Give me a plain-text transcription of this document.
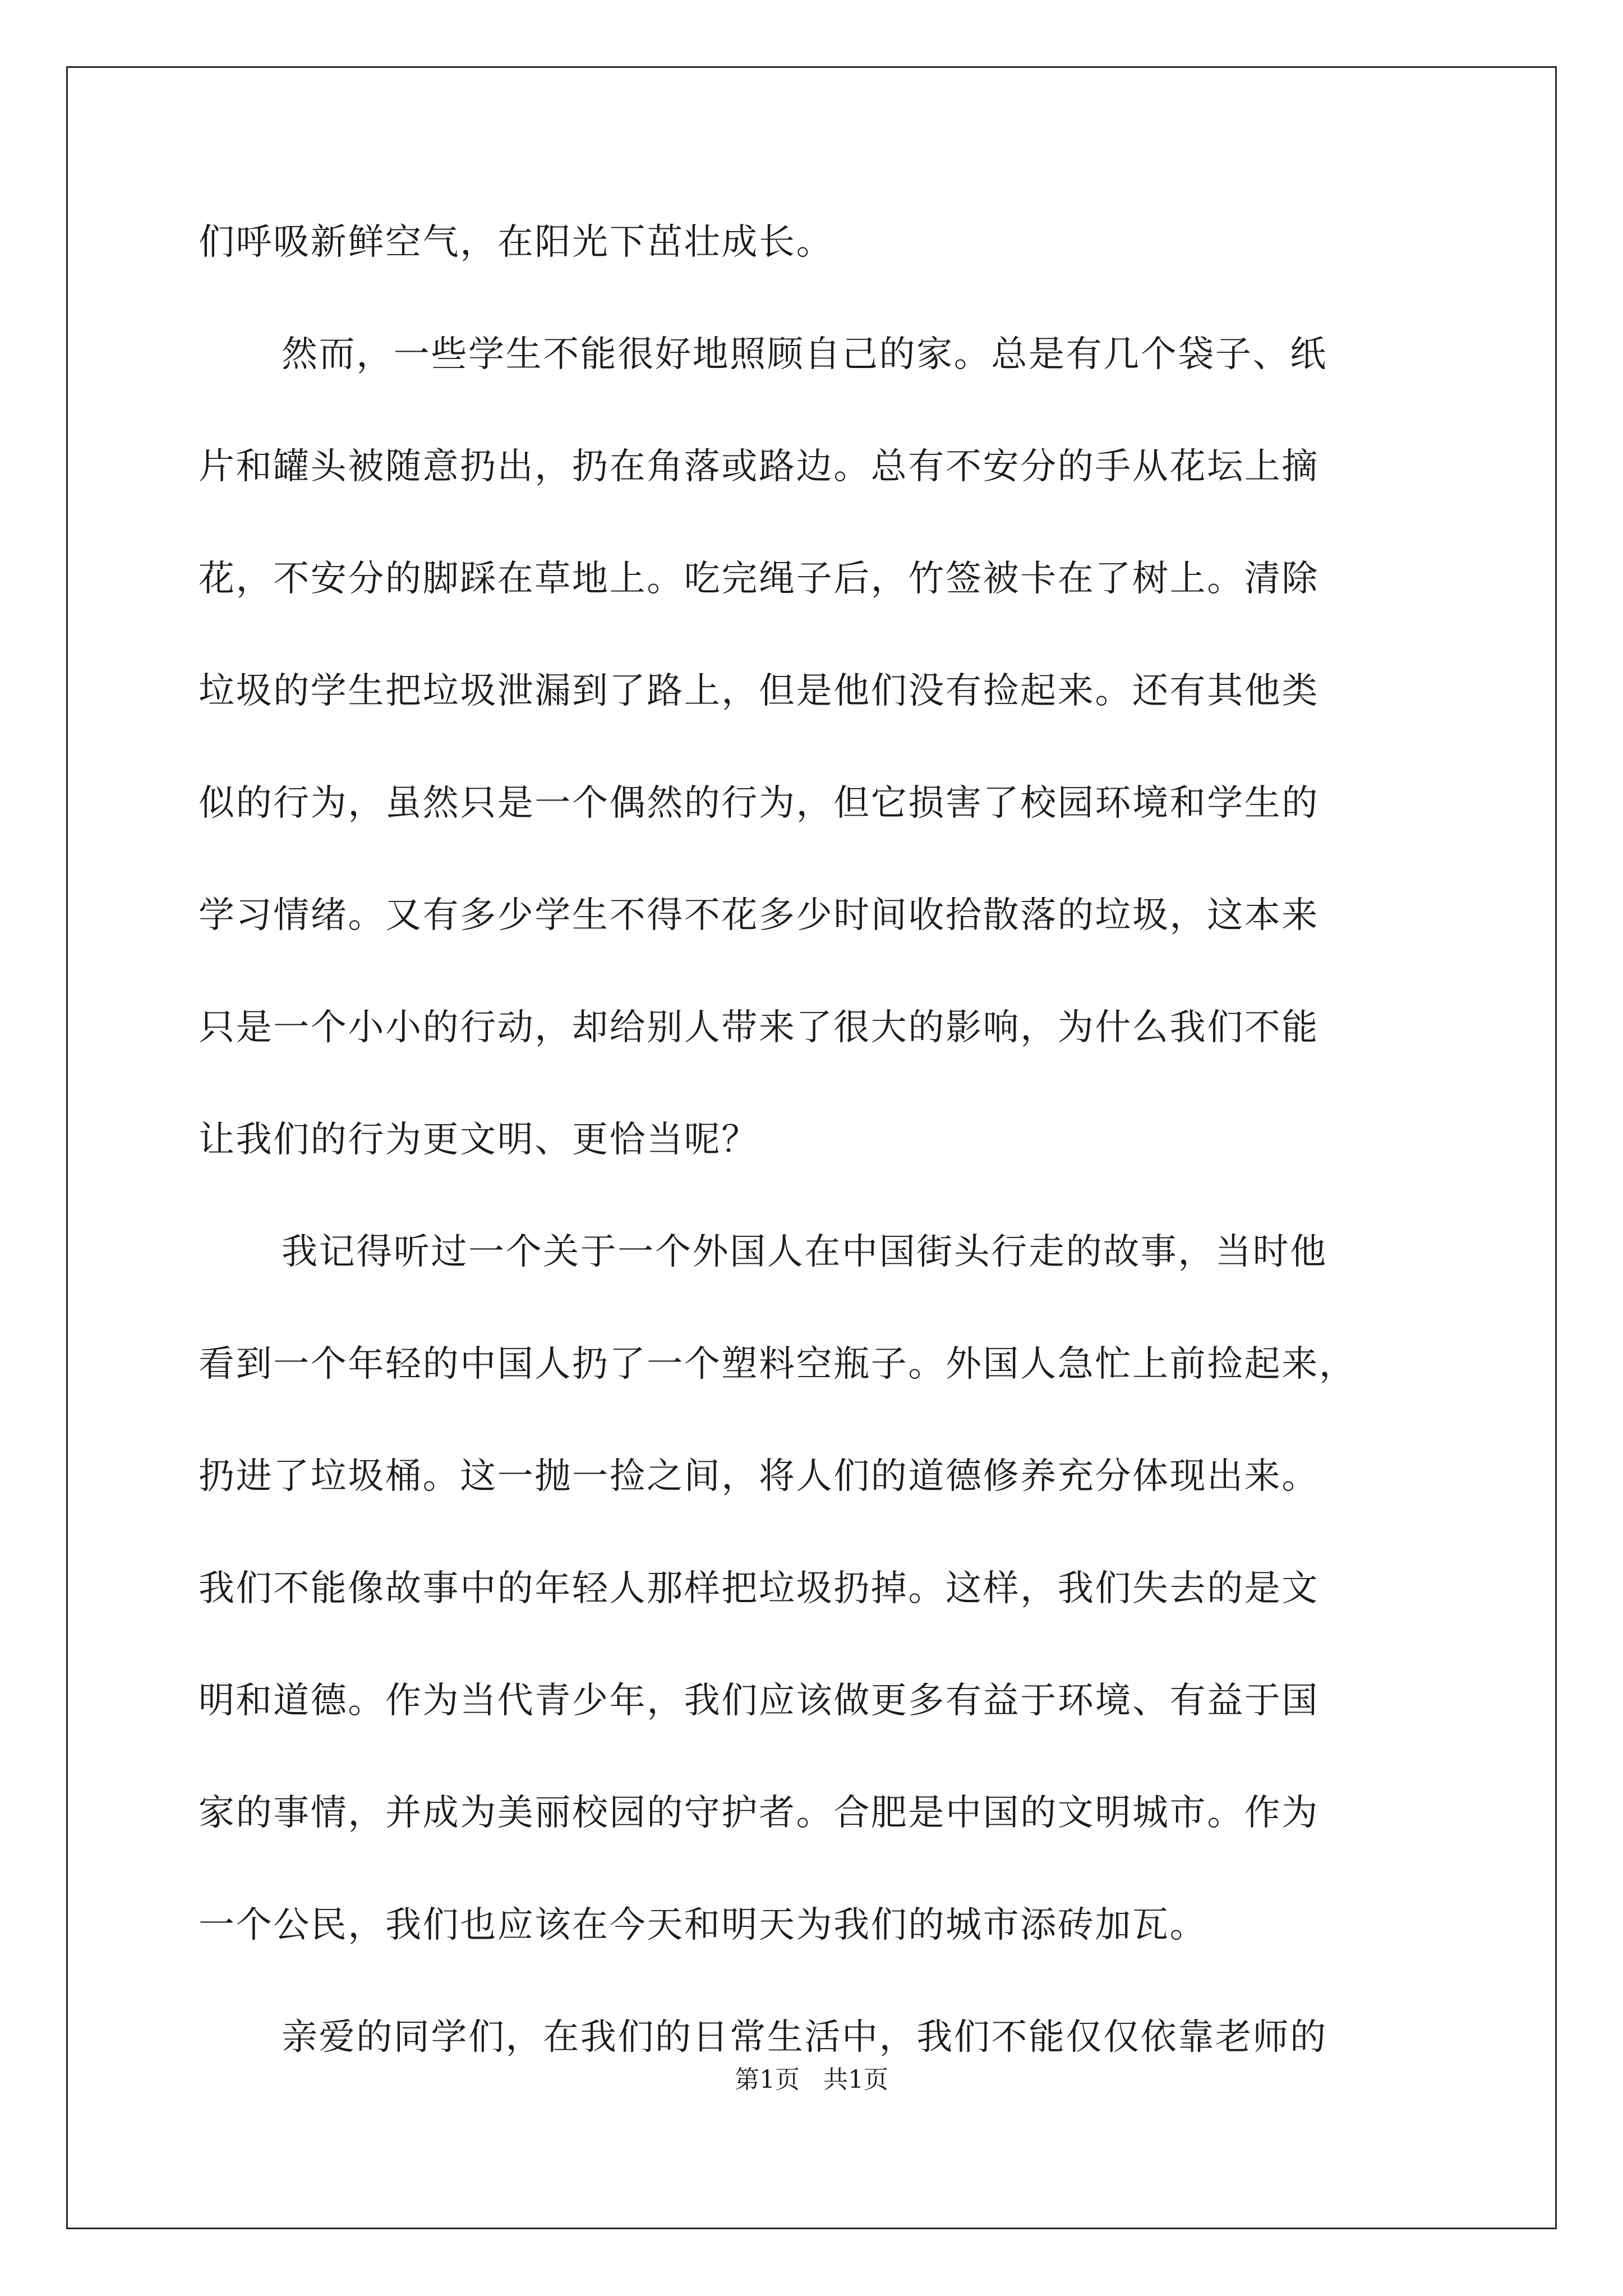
们呼吸新鲜空气，在阳光下茁壮成长。
然而，一些学生不能很好地照顾自己的家。总是有几个袋子、纸
片和罐头被随意扔出，扔在角落或路边。总有不安分的手从花坛上摘
花，不安分的脚踩在草地上。吃完绳子后，竹签被卡在了树上。清除
垃圾的学生把垃圾泄漏到了路上，但是他们没有捡起来。还有其他类
似的行为，虽然只是一个偶然的行为，但它损害了校园环境和学生的
学习情绪。又有多少学生不得不花多少时间收拾散落的垃圾，这本来
只是一个小小的行动，却给别人带来了很大的影响，为什么我们不能
让我们的行为更文明、更恰当呢？
我记得听过一个关于一个外国人在中国街头行走的故事，当时他
看到一个年轻的中国人扔了一个塑料空瓶子。外国人急忙上前捡起来，
扔进了垃圾桶。这一抛一捡之间，将人们的道德修养充分体现出来。
我们不能像故事中的年轻人那样把垃圾扔掉。这样，我们失去的是文
明和道德。作为当代青少年，我们应该做更多有益于环境、有益于国
家的事情，并成为美丽校园的守护者。合肥是中国的文明城市。作为
一个公民，我们也应该在今天和明天为我们的城市添砖加瓦。
亲爱的同学们，在我们的日常生活中，我们不能仅仅依靠老师的
第1页   共1页
